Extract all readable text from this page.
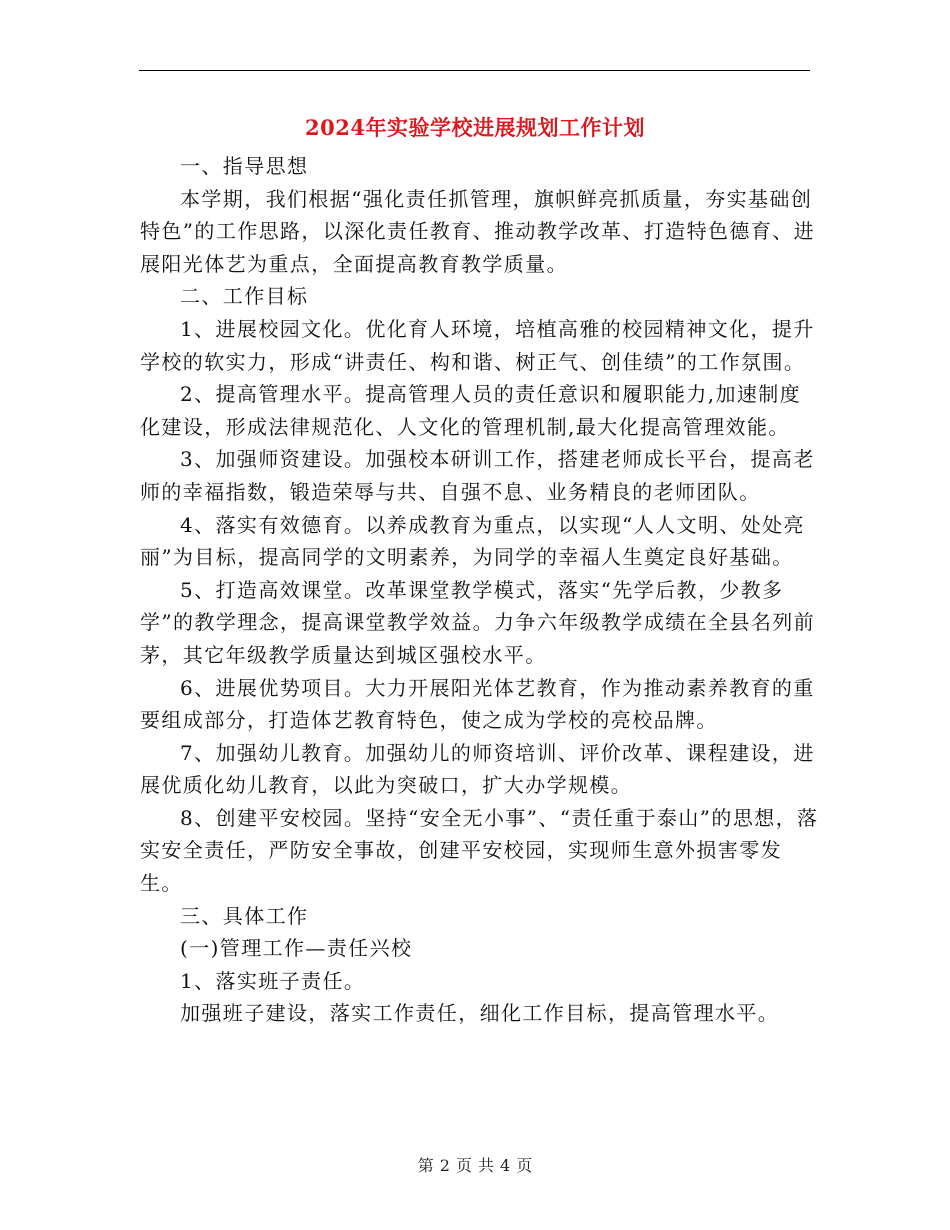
2024年实验学校进展规划工作计划

一、指导思想

本学期，我们根据“强化责任抓管理，旗帜鲜亮抓质量，夯实基础创特色”的工作思路，以深化责任教育、推动教学改革、打造特色德育、进展阳光体艺为重点，全面提高教育教学质量。

二、工作目标

1、进展校园文化。优化育人环境，培植高雅的校园精神文化，提升学校的软实力，形成“讲责任、构和谐、树正气、创佳绩”的工作氛围。

2、提高管理水平。提高管理人员的责任意识和履职能力,加速制度化建设，形成法律规范化、人文化的管理机制,最大化提高管理效能。

3、加强师资建设。加强校本研训工作，搭建老师成长平台，提高老师的幸福指数，锻造荣辱与共、自强不息、业务精良的老师团队。

4、落实有效德育。以养成教育为重点，以实现“人人文明、处处亮丽”为目标，提高同学的文明素养，为同学的幸福人生奠定良好基础。

5、打造高效课堂。改革课堂教学模式，落实“先学后教，少教多学”的教学理念，提高课堂教学效益。力争六年级教学成绩在全县名列前茅，其它年级教学质量达到城区强校水平。

6、进展优势项目。大力开展阳光体艺教育，作为推动素养教育的重要组成部分，打造体艺教育特色，使之成为学校的亮校品牌。

7、加强幼儿教育。加强幼儿的师资培训、评价改革、课程建设，进展优质化幼儿教育，以此为突破口，扩大办学规模。

8、创建平安校园。坚持“安全无小事”、“责任重于泰山”的思想，落实安全责任，严防安全事故，创建平安校园，实现师生意外损害零发生。

三、具体工作

(一)管理工作—责任兴校

1、落实班子责任。

加强班子建设，落实工作责任，细化工作目标，提高管理水平。

第 2 页 共 4 页
